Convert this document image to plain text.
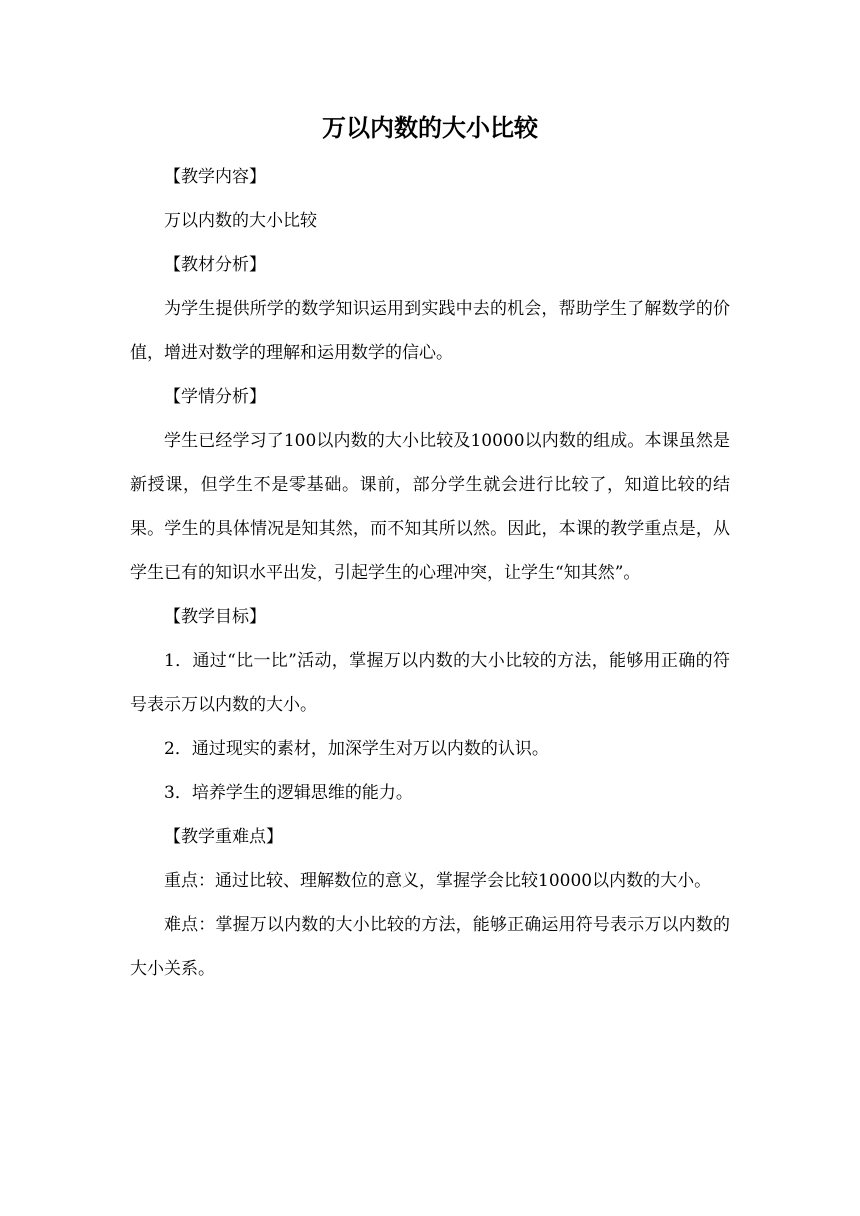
万以内数的大小比较

【教学内容】

万以内数的大小比较

【教材分析】

为学生提供所学的数学知识运用到实践中去的机会，帮助学生了解数学的价值，增进对数学的理解和运用数学的信心。

【学情分析】

学生已经学习了100以内数的大小比较及10000以内数的组成。本课虽然是新授课，但学生不是零基础。课前，部分学生就会进行比较了，知道比较的结果。学生的具体情况是知其然，而不知其所以然。因此，本课的教学重点是，从学生已有的知识水平出发，引起学生的心理冲突，让学生“知其然”。

【教学目标】

1．通过“比一比”活动，掌握万以内数的大小比较的方法，能够用正确的符号表示万以内数的大小。

2．通过现实的素材，加深学生对万以内数的认识。

3．培养学生的逻辑思维的能力。

【教学重难点】

重点：通过比较、理解数位的意义，掌握学会比较10000以内数的大小。

难点：掌握万以内数的大小比较的方法，能够正确运用符号表示万以内数的大小关系。
